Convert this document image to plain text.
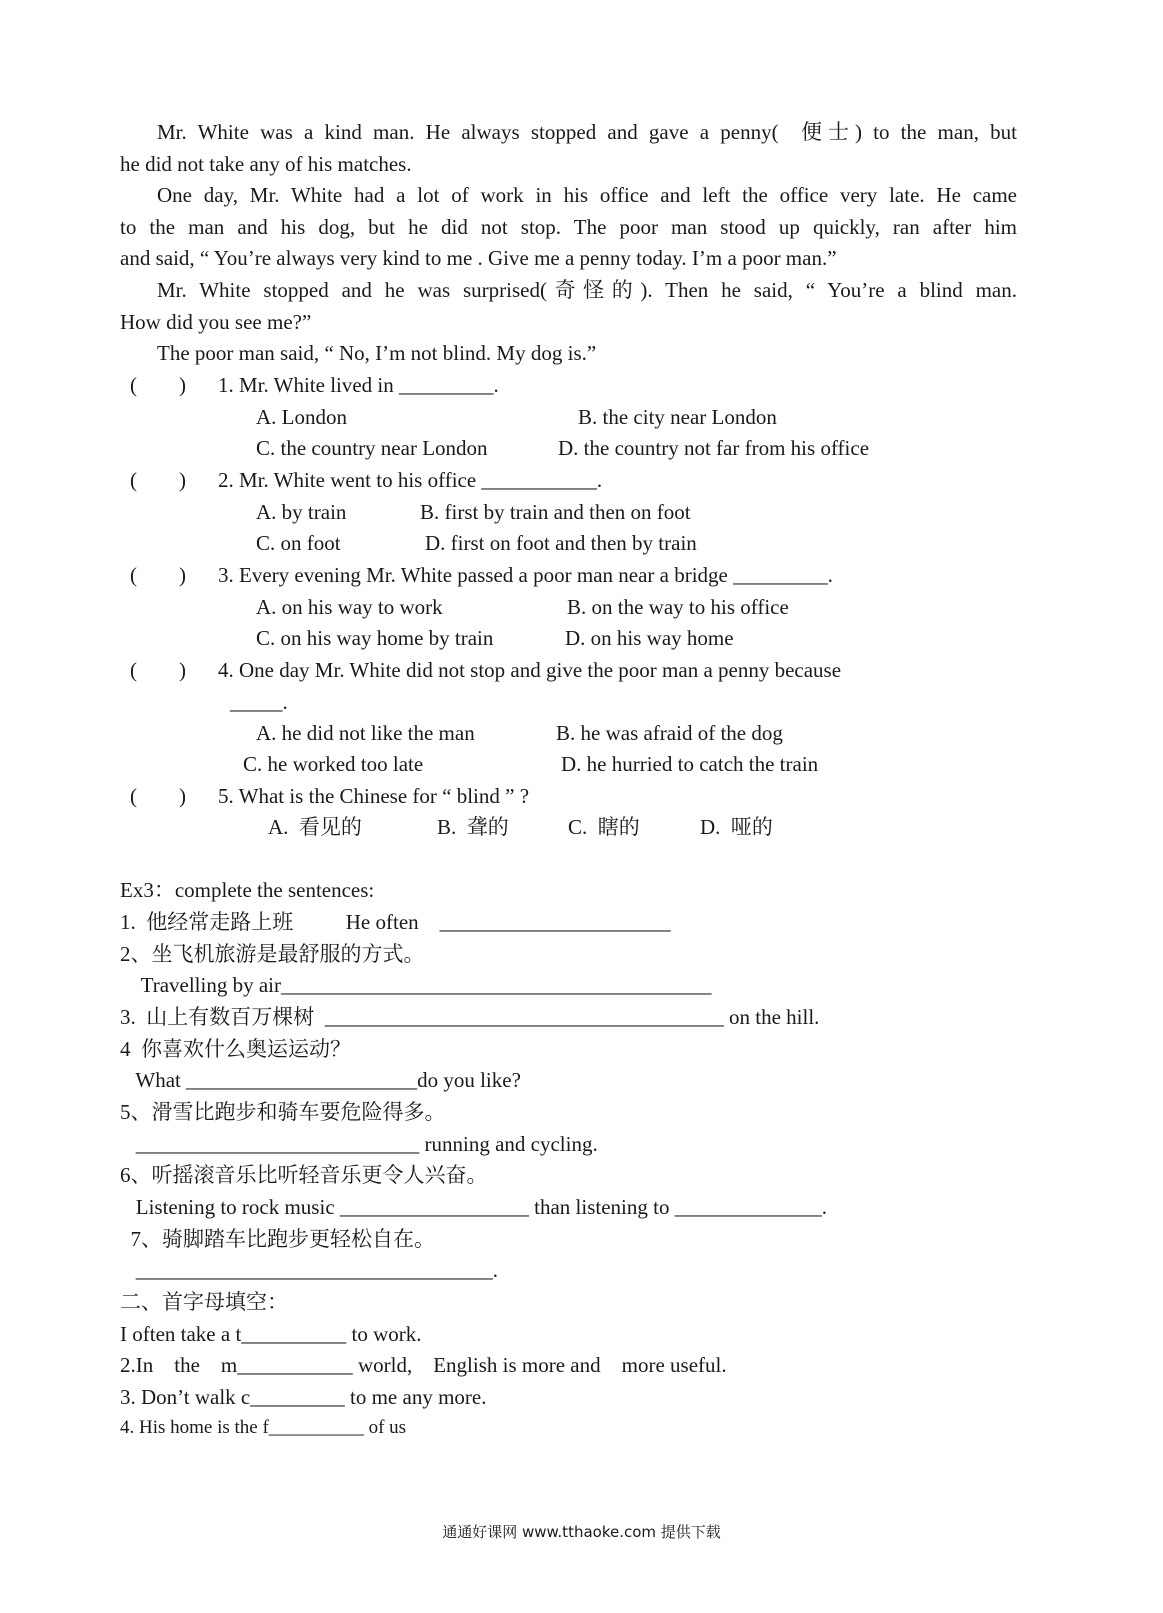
Mr. White was a kind man. He always stopped and gave a penny(  便士) to the man, but
he did not take any of his matches.
One day, Mr. White had a lot of work in his office and left the office very late. He came
to the man and his dog, but he did not stop. The poor man stood up quickly, ran after him
and said, “ You’re always very kind to me . Give me a penny today. I’m a poor man.”
Mr. White stopped and he was surprised(奇怪的). Then he said, “ You’re a blind man.
How did you see me?”
The poor man said, “ No, I’m not blind. My dog is.”
(        ) 1. Mr. White lived in _________.
A. London	B. the city near London
C. the country near London	D. the country not far from his office
(        ) 2. Mr. White went to his office ___________.
A. by train	B. first by train and then on foot
C. on foot	D. first on foot and then by train
(        ) 3. Every evening Mr. White passed a poor man near a bridge _________.
A. on his way to work	B. on the way to his office
C. on his way home by train	D. on his way home
(        ) 4. One day Mr. White did not stop and give the poor man a penny because
_____.
A. he did not like the man	B. he was afraid of the dog
C. he worked too late	D. he hurried to catch the train
(        ) 5. What is the Chinese for “ blind ” ?
A.  看见的	B.  聋的	C.  瞎的	D.  哑的
Ex3：complete the sentences:
1.  他经常走路上班          He often    ______________________
2、坐飞机旅游是最舒服的方式。
Travelling by air_________________________________________
3.  山上有数百万棵树  ______________________________________ on the hill.
4  你喜欢什么奥运运动？
What ______________________do you like?
5、滑雪比跑步和骑车要危险得多。
___________________________ running and cycling.
6、听摇滚音乐比听轻音乐更令人兴奋。
Listening to rock music __________________ than listening to ______________.
7、骑脚踏车比跑步更轻松自在。
__________________________________.
二、首字母填空：
I often take a t__________ to work.
2.In    the    m___________ world,    English is more and    more useful.
3. Don’t walk c_________ to me any more.
4. His home is the f__________ of us
通通好课网 www.tthaoke.com 提供下载
